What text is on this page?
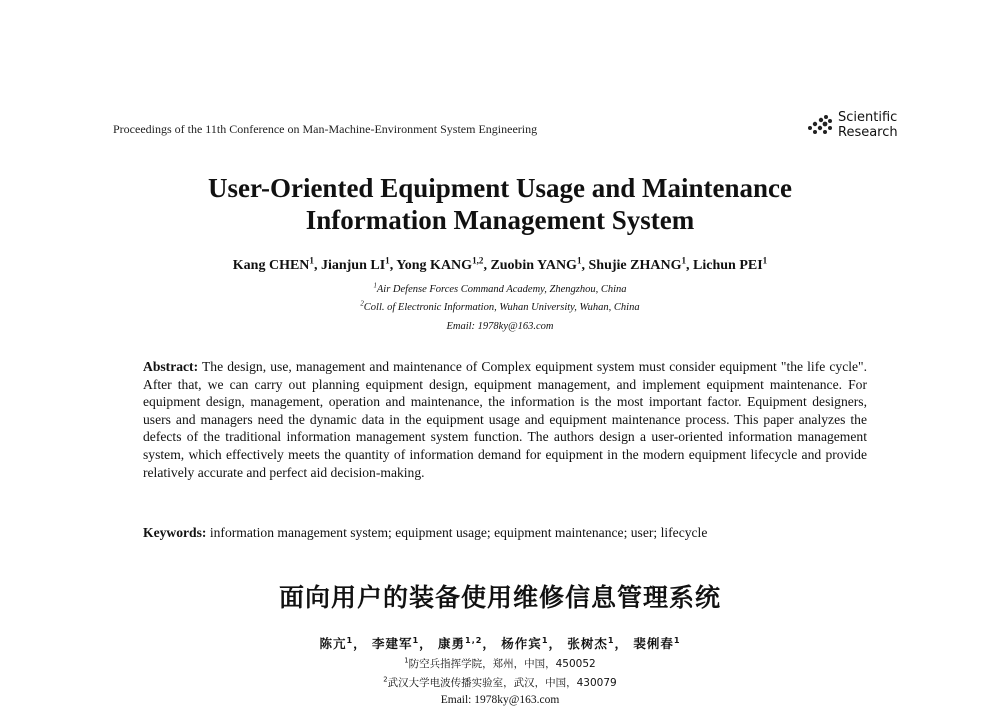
Proceedings of the 11th Conference on Man-Machine-Environment System Engineering
Scientific
Research
User-Oriented Equipment Usage and Maintenance
Information Management System
Kang CHEN$^1$, Jianjun $LI^1$, Yong KANG$^{1,2}$, Zuobin YANG$^1$, Shujie ZHANG$^1$, Lichun PEI$^1$
$^1$Air Defense Forces Command Academy, Zhengzhou, China
$^2$Coll. of Electronic Information, Wuhan University, Wuhan, China
Email: 1978ky@163.com
Abstract: The design, use, management and maintenance of Complex equipment system must consider equipment "the life cycle". After that, we can carry out planning equipment design, equipment management, and implement equipment maintenance. For equipment design, management, operation and maintenance, the information is the most important factor. Equipment designers, users and managers need the dynamic data in the equipment usage and equipment maintenance process. This paper analyzes the defects of the traditional information management system function. The authors design a user-oriented information management system, which effectively meets the quantity of information demand for equipment in the modern equipment lifecycle and provide relatively accurate and perfect aid decision-making.
Keywords: information management system; equipment usage; equipment maintenance; user; lifecycle
面向用户的装备使用维修信息管理系统
陈亢$^1$， 李建军$^1$， 康勇$^{1,2}$， 杨作宾$^1$， 张树杰$^1$， 裴俐春$^1$
$^1$防空兵指挥学院，郑州，中国，450052
$^2$武汉大学电波传播实验室，武汉，中国，430079
Email: 1978ky@163.com
